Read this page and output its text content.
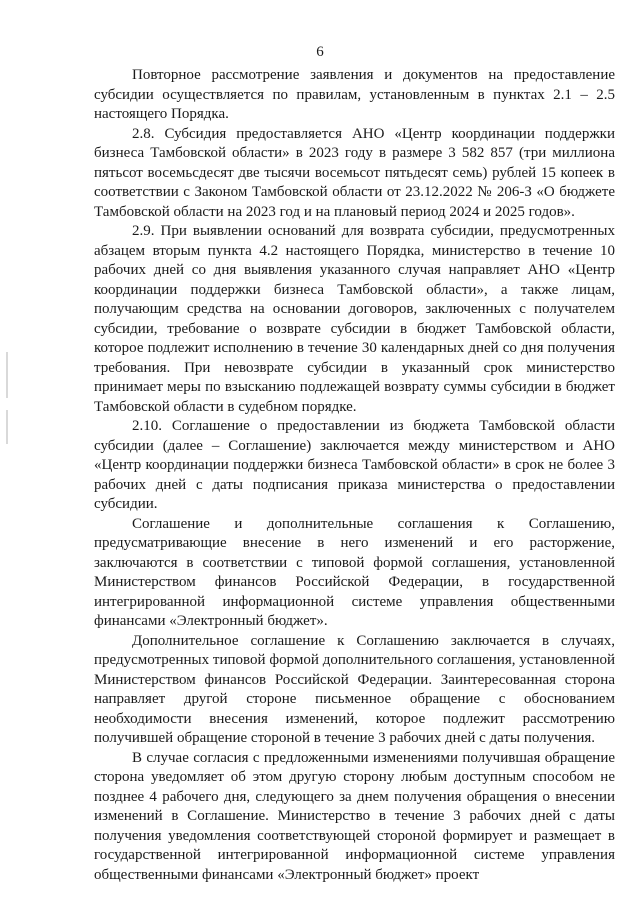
6

Повторное рассмотрение заявления и документов на предоставление субсидии осуществляется по правилам, установленным в пунктах 2.1 – 2.5 настоящего Порядка.

2.8. Субсидия предоставляется АНО «Центр координации поддержки бизнеса Тамбовской области» в 2023 году в размере 3 582 857 (три миллиона пятьсот восемьсдесят две тысячи восемьсот пятьдесят семь) рублей 15 копеек в соответствии с Законом Тамбовской области от 23.12.2022 № 206-З «О бюджете Тамбовской области на 2023 год и на плановый период 2024 и 2025 годов».

2.9. При выявлении оснований для возврата субсидии, предусмотренных абзацем вторым пункта 4.2 настоящего Порядка, министерство в течение 10 рабочих дней со дня выявления указанного случая направляет АНО «Центр координации поддержки бизнеса Тамбовской области», а также лицам, получающим средства на основании договоров, заключенных с получателем субсидии, требование о возврате субсидии в бюджет Тамбовской области, которое подлежит исполнению в течение 30 календарных дней со дня получения требования. При невозврате субсидии в указанный срок министерство принимает меры по взысканию подлежащей возврату суммы субсидии в бюджет Тамбовской области в судебном порядке.

2.10. Соглашение о предоставлении из бюджета Тамбовской области субсидии (далее – Соглашение) заключается между министерством и АНО «Центр координации поддержки бизнеса Тамбовской области» в срок не более 3 рабочих дней с даты подписания приказа министерства о предоставлении субсидии.

Соглашение и дополнительные соглашения к Соглашению, предусматривающие внесение в него изменений и его расторжение, заключаются в соответствии с типовой формой соглашения, установленной Министерством финансов Российской Федерации, в государственной интегрированной информационной системе управления общественными финансами «Электронный бюджет».

Дополнительное соглашение к Соглашению заключается в случаях, предусмотренных типовой формой дополнительного соглашения, установленной Министерством финансов Российской Федерации. Заинтересованная сторона направляет другой стороне письменное обращение с обоснованием необходимости внесения изменений, которое подлежит рассмотрению получившей обращение стороной в течение 3 рабочих дней с даты получения.

В случае согласия с предложенными изменениями получившая обращение сторона уведомляет об этом другую сторону любым доступным способом не позднее 4 рабочего дня, следующего за днем получения обращения о внесении изменений в Соглашение. Министерство в течение 3 рабочих дней с даты получения уведомления соответствующей стороной формирует и размещает в государственной интегрированной информационной системе управления общественными финансами «Электронный бюджет» проект
